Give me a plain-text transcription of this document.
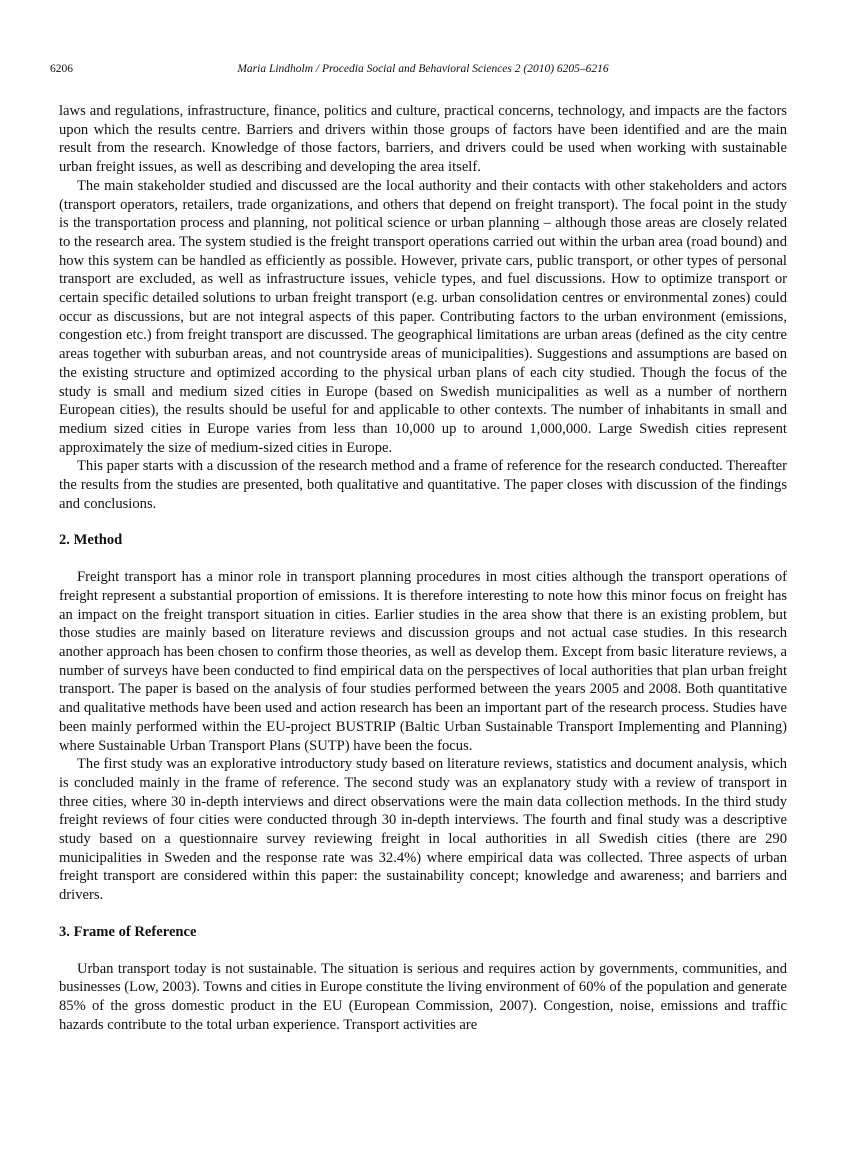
6206	Maria Lindholm / Procedia Social and Behavioral Sciences 2 (2010) 6205–6216

laws and regulations, infrastructure, finance, politics and culture, practical concerns, technology, and impacts are the factors upon which the results centre. Barriers and drivers within those groups of factors have been identified and are the main result from the research. Knowledge of those factors, barriers, and drivers could be used when working with sustainable urban freight issues, as well as describing and developing the area itself.

The main stakeholder studied and discussed are the local authority and their contacts with other stakeholders and actors (transport operators, retailers, trade organizations, and others that depend on freight transport). The focal point in the study is the transportation process and planning, not political science or urban planning – although those areas are closely related to the research area. The system studied is the freight transport operations carried out within the urban area (road bound) and how this system can be handled as efficiently as possible. However, private cars, public transport, or other types of personal transport are excluded, as well as infrastructure issues, vehicle types, and fuel discussions. How to optimize transport or certain specific detailed solutions to urban freight transport (e.g. urban consolidation centres or environmental zones) could occur as discussions, but are not integral aspects of this paper. Contributing factors to the urban environment (emissions, congestion etc.) from freight transport are discussed. The geographical limitations are urban areas (defined as the city centre areas together with suburban areas, and not countryside areas of municipalities). Suggestions and assumptions are based on the existing structure and optimized according to the physical urban plans of each city studied. Though the focus of the study is small and medium sized cities in Europe (based on Swedish municipalities as well as a number of northern European cities), the results should be useful for and applicable to other contexts. The number of inhabitants in small and medium sized cities in Europe varies from less than 10,000 up to around 1,000,000. Large Swedish cities represent approximately the size of medium-sized cities in Europe.

This paper starts with a discussion of the research method and a frame of reference for the research conducted. Thereafter the results from the studies are presented, both qualitative and quantitative. The paper closes with discussion of the findings and conclusions.

2. Method

Freight transport has a minor role in transport planning procedures in most cities although the transport operations of freight represent a substantial proportion of emissions. It is therefore interesting to note how this minor focus on freight has an impact on the freight transport situation in cities. Earlier studies in the area show that there is an existing problem, but those studies are mainly based on literature reviews and discussion groups and not actual case studies. In this research another approach has been chosen to confirm those theories, as well as develop them. Except from basic literature reviews, a number of surveys have been conducted to find empirical data on the perspectives of local authorities that plan urban freight transport. The paper is based on the analysis of four studies performed between the years 2005 and 2008. Both quantitative and qualitative methods have been used and action research has been an important part of the research process. Studies have been mainly performed within the EU-project BUSTRIP (Baltic Urban Sustainable Transport Implementing and Planning) where Sustainable Urban Transport Plans (SUTP) have been the focus.

The first study was an explorative introductory study based on literature reviews, statistics and document analysis, which is concluded mainly in the frame of reference. The second study was an explanatory study with a review of transport in three cities, where 30 in-depth interviews and direct observations were the main data collection methods. In the third study freight reviews of four cities were conducted through 30 in-depth interviews. The fourth and final study was a descriptive study based on a questionnaire survey reviewing freight in local authorities in all Swedish cities (there are 290 municipalities in Sweden and the response rate was 32.4%) where empirical data was collected. Three aspects of urban freight transport are considered within this paper: the sustainability concept; knowledge and awareness; and barriers and drivers.

3. Frame of Reference

Urban transport today is not sustainable. The situation is serious and requires action by governments, communities, and businesses (Low, 2003). Towns and cities in Europe constitute the living environment of 60% of the population and generate 85% of the gross domestic product in the EU (European Commission, 2007). Congestion, noise, emissions and traffic hazards contribute to the total urban experience. Transport activities are
